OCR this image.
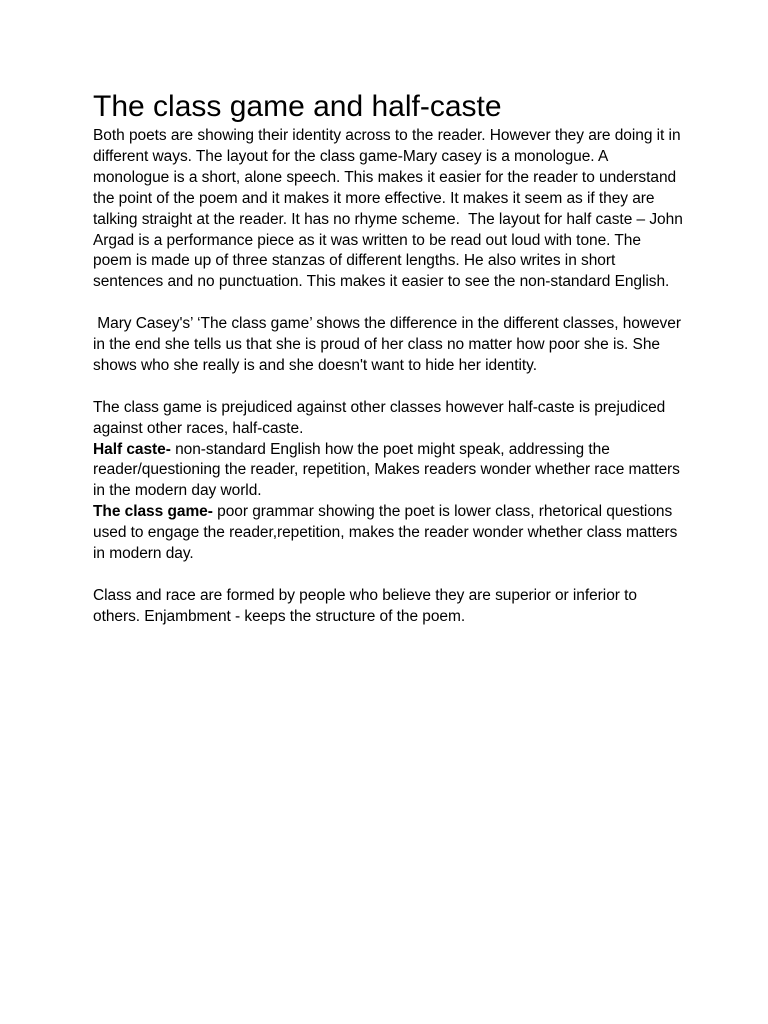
The class game and half-caste

Both poets are showing their identity across to the reader. However they are doing it in different ways. The layout for the class game-Mary casey is a monologue. A monologue is a short, alone speech. This makes it easier for the reader to understand the point of the poem and it makes it more effective. It makes it seem as if they are talking straight at the reader. It has no rhyme scheme.  The layout for half caste – John Argad is a performance piece as it was written to be read out loud with tone. The poem is made up of three stanzas of different lengths. He also writes in short sentences and no punctuation. This makes it easier to see the non-standard English.

Mary Casey's’ ‘The class game’ shows the difference in the different classes, however in the end she tells us that she is proud of her class no matter how poor she is. She shows who she really is and she doesn't want to hide her identity.

The class game is prejudiced against other classes however half-caste is prejudiced against other races, half-caste.

Half caste- non-standard English how the poet might speak, addressing the reader/questioning the reader, repetition, Makes readers wonder whether race matters in the modern day world.

The class game- poor grammar showing the poet is lower class, rhetorical questions used to engage the reader,repetition, makes the reader wonder whether class matters in modern day.

Class and race are formed by people who believe they are superior or inferior to others. Enjambment - keeps the structure of the poem.
